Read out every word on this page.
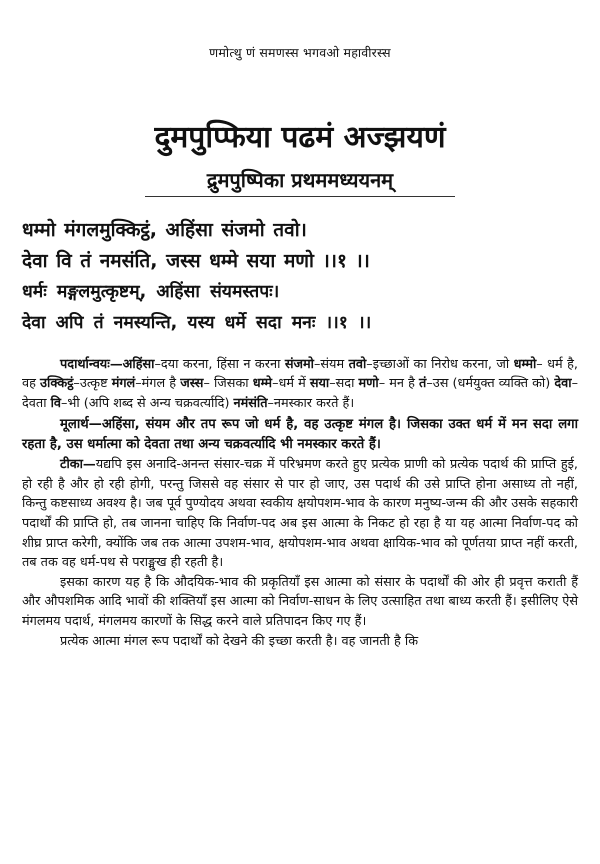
णमोत्थु णं समणस्स भगवओ महावीरस्स
दुमपुप्फिया पढमं अज्झयणं
द्रुमपुष्पिका प्रथममध्ययनम्
धम्मो मंगलमुक्किट्ठं, अहिंसा संजमो तवो।
देवा वि तं नमसंति, जस्स धम्मे सया मणो ।।१ ।।
धर्मः मङ्गलमुत्कृष्टम्, अहिंसा संयमस्तपः।
देवा अपि तं नमस्यन्ति, यस्य धर्मे सदा मनः ।।१ ।।

पदार्थान्वयः—अहिंसा–दया करना, हिंसा न करना संजमो–संयम तवो–इच्छाओं का निरोध करना, जो धम्मो– धर्म है, वह उक्किट्ठं–उत्कृष्ट मंगलं–मंगल है जस्स– जिसका धम्मे–धर्म में सया–सदा मणो– मन है तं–उस (धर्मयुक्त व्यक्ति को) देवा–देवता वि–भी (अपि शब्द से अन्य चक्रवर्त्यादि) नमंसंति–नमस्कार करते हैं।

मूलार्थ—अहिंसा, संयम और तप रूप जो धर्म है, वह उत्कृष्ट मंगल है। जिसका उक्त धर्म में मन सदा लगा रहता है, उस धर्मात्मा को देवता तथा अन्य चक्रवर्त्यादि भी नमस्कार करते हैं।

टीका—यद्यपि इस अनादि-अनन्त संसार-चक्र में परिभ्रमण करते हुए प्रत्येक प्राणी को प्रत्येक पदार्थ की प्राप्ति हुई, हो रही है और हो रही होगी, परन्तु जिससे वह संसार से पार हो जाए, उस पदार्थ की उसे प्राप्ति होना असाध्य तो नहीं, किन्तु कष्टसाध्य अवश्य है। जब पूर्व पुण्योदय अथवा स्वकीय क्षयोपशम-भाव के कारण मनुष्य-जन्म की और उसके सहकारी पदार्थों की प्राप्ति हो, तब जानना चाहिए कि निर्वाण-पद अब इस आत्मा के निकट हो रहा है या यह आत्मा निर्वाण-पद को शीघ्र प्राप्त करेगी, क्योंकि जब तक आत्मा उपशम-भाव, क्षयोपशम-भाव अथवा क्षायिक-भाव को पूर्णतया प्राप्त नहीं करती, तब तक वह धर्म-पथ से पराङ्मुख ही रहती है।

इसका कारण यह है कि औदयिक-भाव की प्रकृतियाँ इस आत्मा को संसार के पदार्थों की ओर ही प्रवृत्त कराती हैं और औपशमिक आदि भावों की शक्तियाँ इस आत्मा को निर्वाण-साधन के लिए उत्साहित तथा बाध्य करती हैं। इसीलिए ऐसे मंगलमय पदार्थ, मंगलमय कारणों के सिद्ध करने वाले प्रतिपादन किए गए हैं।

प्रत्येक आत्मा मंगल रूप पदार्थों को देखने की इच्छा करती है। वह जानती है कि
